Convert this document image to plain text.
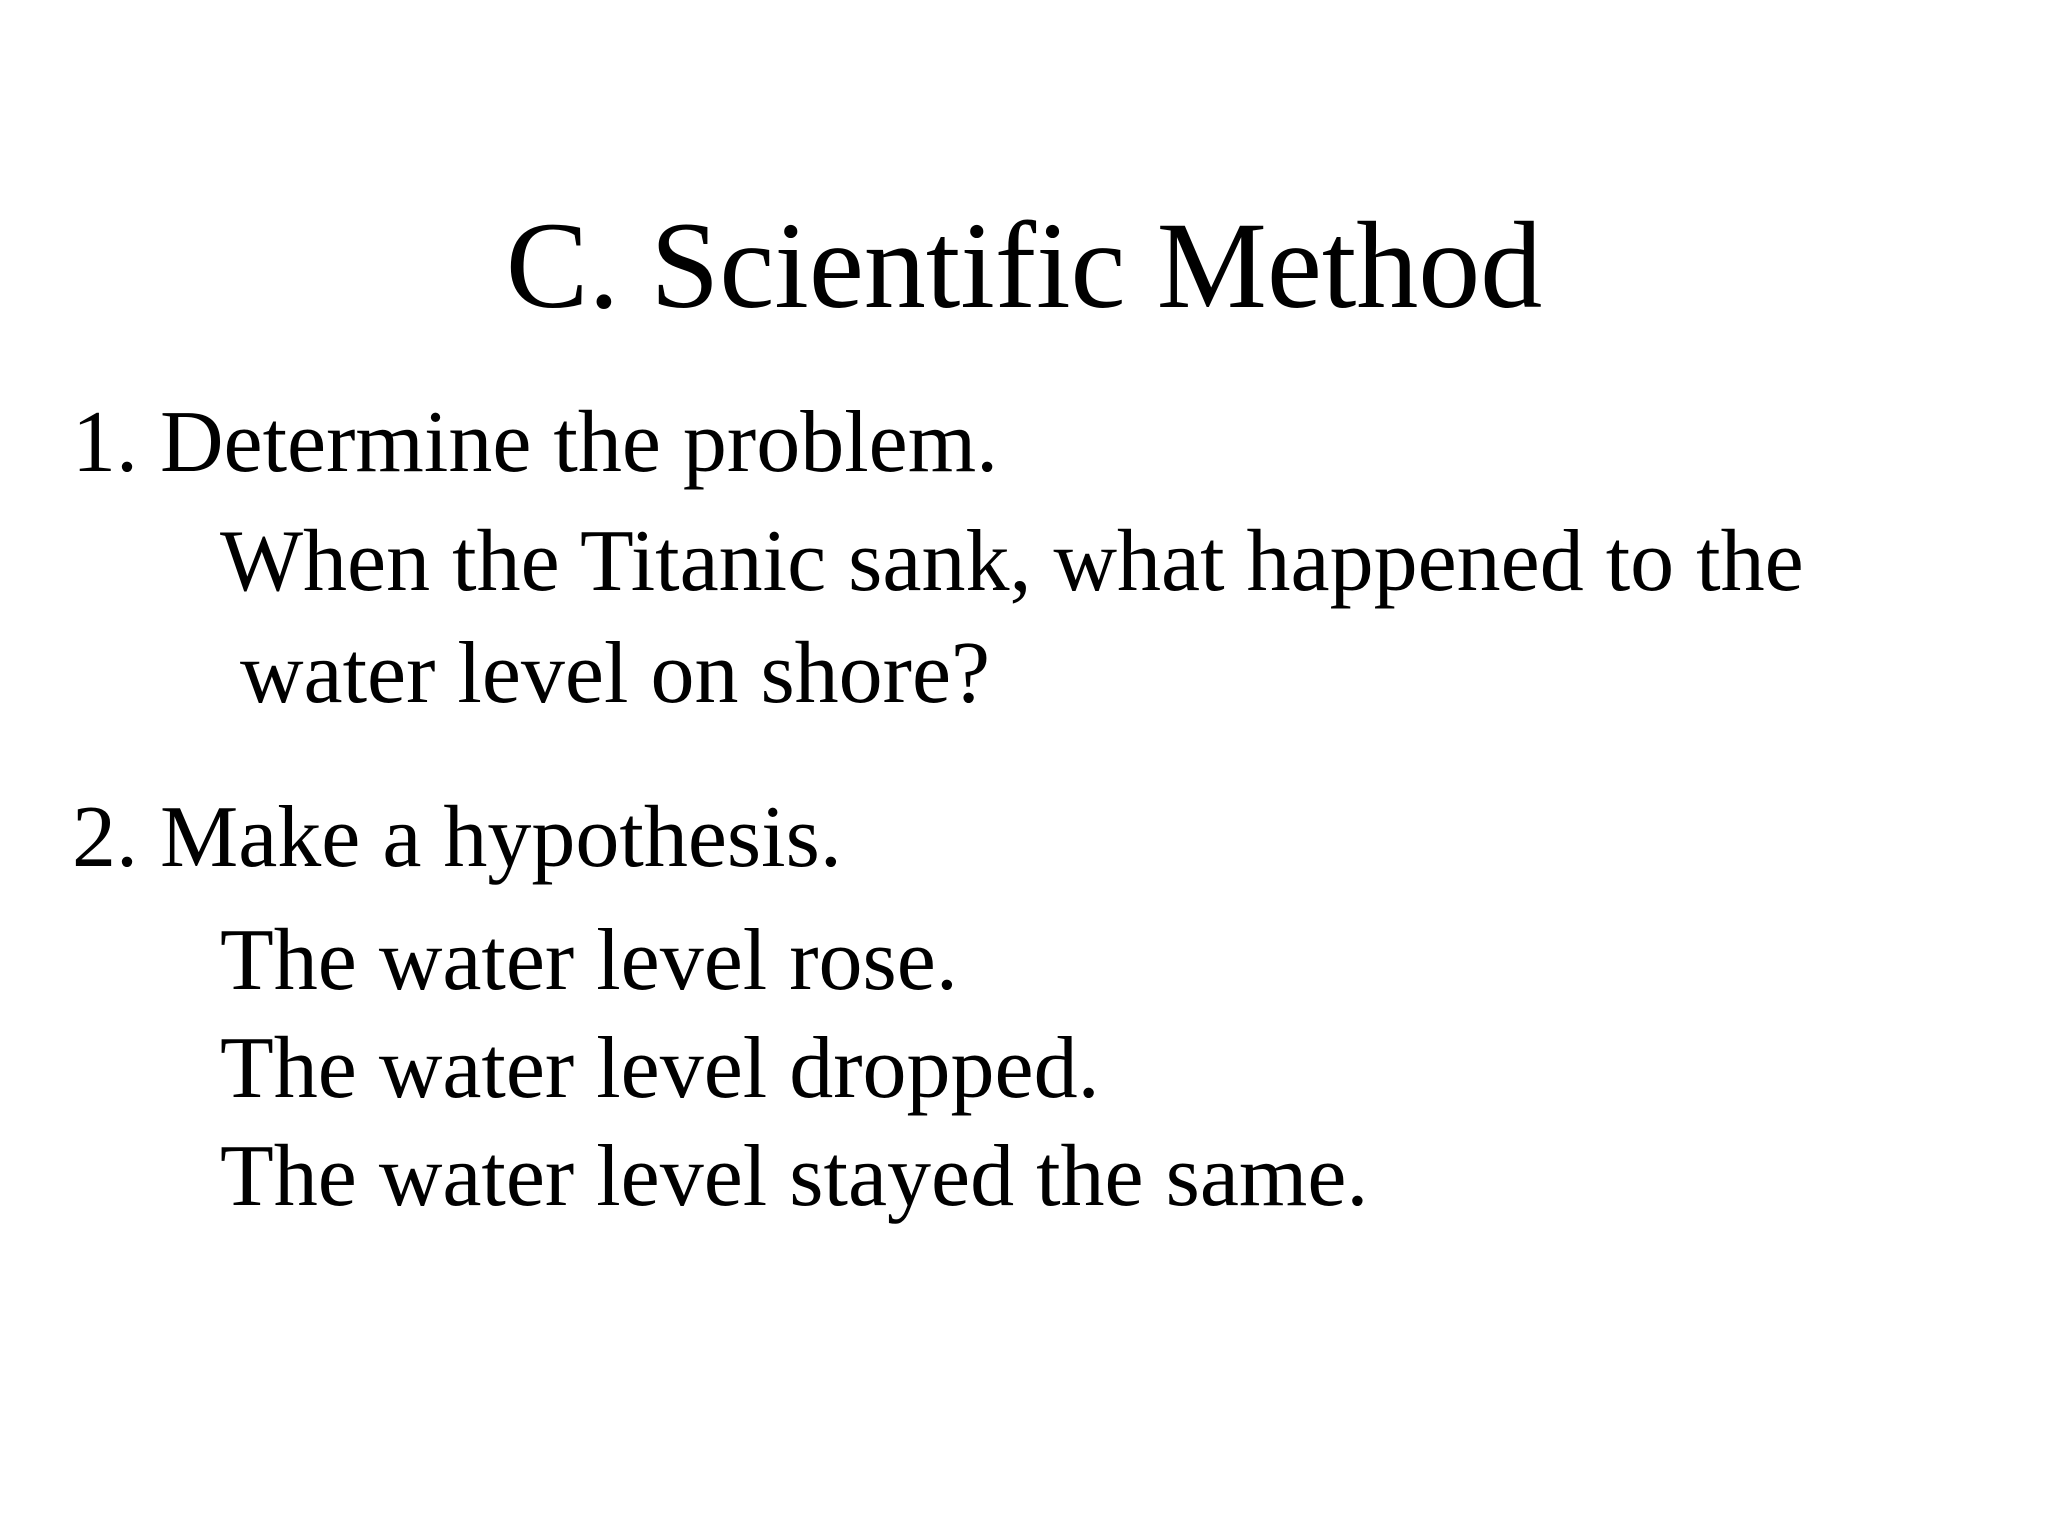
C. Scientific Method
1. Determine the problem.
When the Titanic sank, what happened to the
water level on shore?
2. Make a hypothesis.
The water level rose.
The water level dropped.
The water level stayed the same.
